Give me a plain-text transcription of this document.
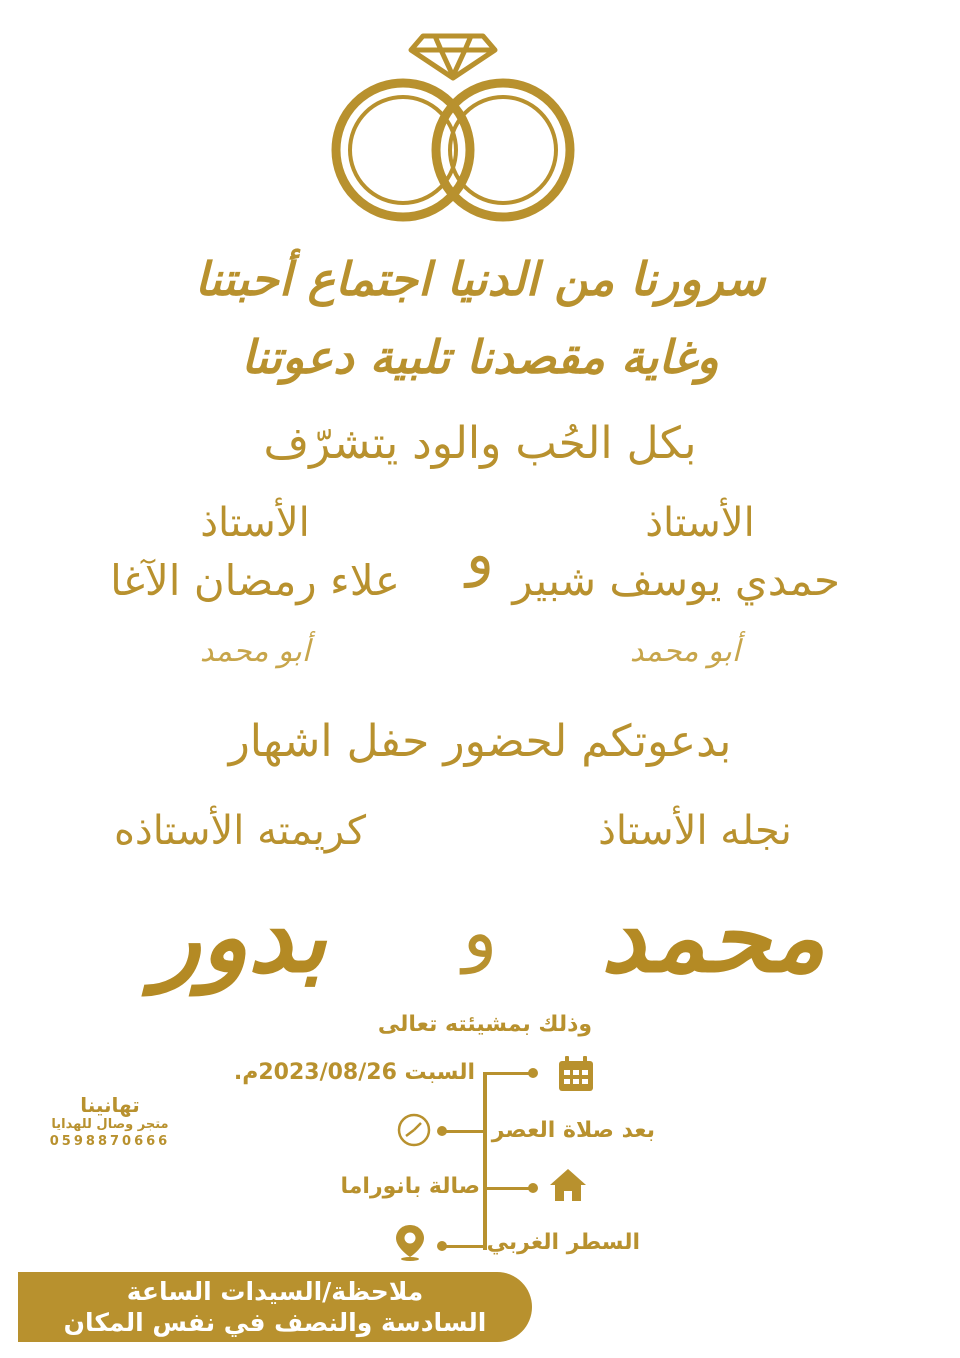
سرورنا من الدنيا اجتماع أحبتنا
وغاية مقصدنا تلبية دعوتنا
بكل الحُب والود يتشرّف
الأستاذ
حمدي يوسف شبير
أبو محمد
و
الأستاذ
علاء رمضان الآغا
أبو محمد
بدعوتكم لحضور حفل اشهار
نجله الأستاذ
محمد
و
كريمته الأستاذه
بدور
وذلك بمشيئته تعالى
السبت 2023/08/26م.
بعد صلاة العصر
صالة بانوراما
السطر الغربي
تهانينا
متجر وصال للهدايا
0598870666
ملاحظة/السيدات الساعة
السادسة والنصف في نفس المكان
